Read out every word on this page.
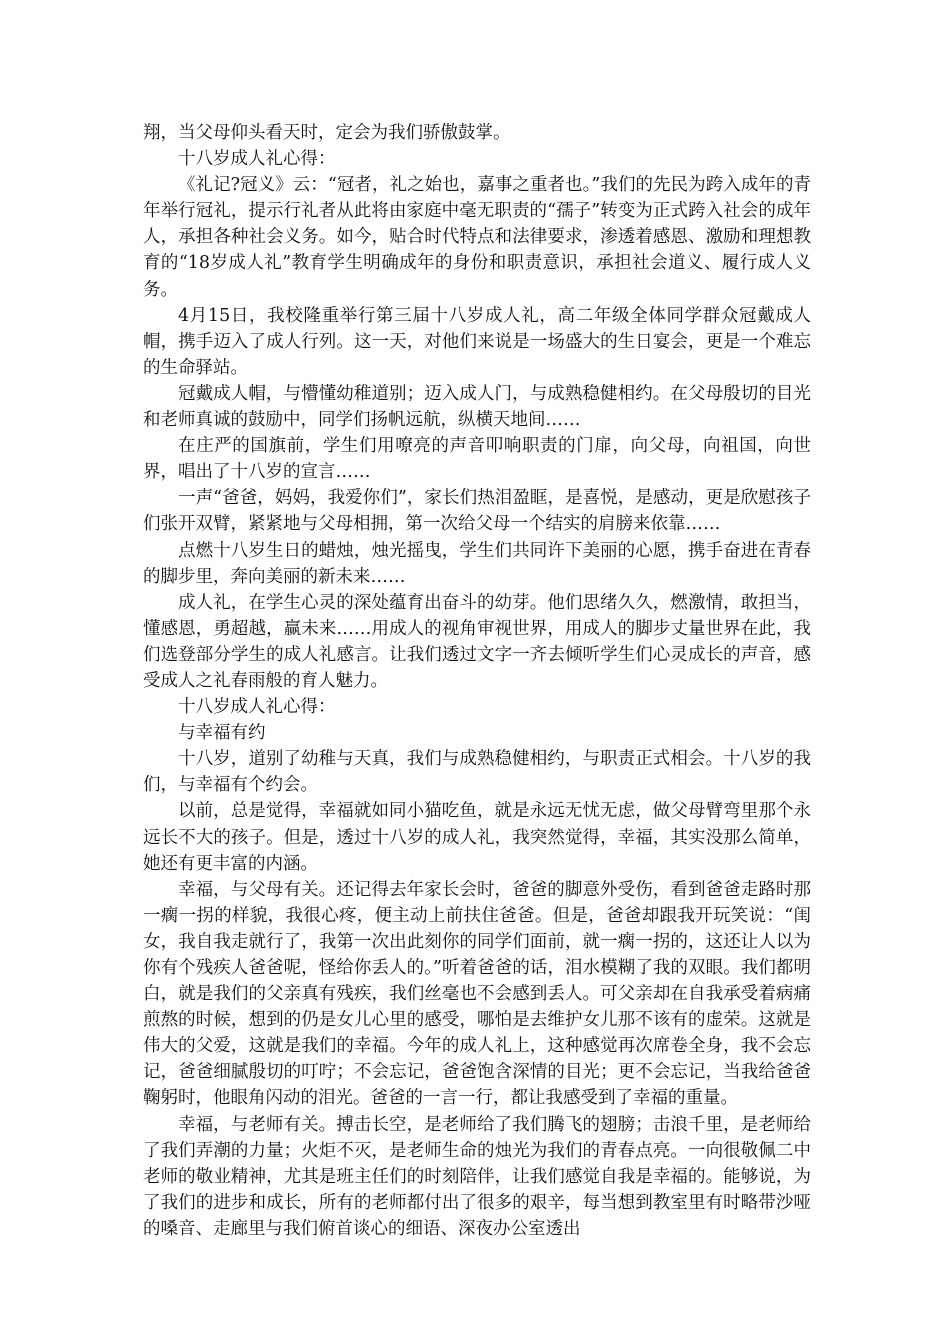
翔，当父母仰头看天时，定会为我们骄傲鼓掌。

十八岁成人礼心得：

《礼记?冠义》云：“冠者，礼之始也，嘉事之重者也。”我们的先民为跨入成年的青年举行冠礼，提示行礼者从此将由家庭中毫无职责的“孺子”转变为正式跨入社会的成年人，承担各种社会义务。如今，贴合时代特点和法律要求，渗透着感恩、激励和理想教育的“18岁成人礼”教育学生明确成年的身份和职责意识，承担社会道义、履行成人义务。

4月15日，我校隆重举行第三届十八岁成人礼，高二年级全体同学群众冠戴成人帽，携手迈入了成人行列。这一天，对他们来说是一场盛大的生日宴会，更是一个难忘的生命驿站。

冠戴成人帽，与懵懂幼稚道别；迈入成人门，与成熟稳健相约。在父母殷切的目光和老师真诚的鼓励中，同学们扬帆远航，纵横天地间……

在庄严的国旗前，学生们用嘹亮的声音叩响职责的门扉，向父母，向祖国，向世界，唱出了十八岁的宣言……

一声“爸爸，妈妈，我爱你们”，家长们热泪盈眶，是喜悦，是感动，更是欣慰孩子们张开双臂，紧紧地与父母相拥，第一次给父母一个结实的肩膀来依靠……

点燃十八岁生日的蜡烛，烛光摇曳，学生们共同许下美丽的心愿，携手奋进在青春的脚步里，奔向美丽的新未来……

成人礼，在学生心灵的深处蕴育出奋斗的幼芽。他们思绪久久，燃激情，敢担当，懂感恩，勇超越，赢未来……用成人的视角审视世界，用成人的脚步丈量世界在此，我们选登部分学生的成人礼感言。让我们透过文字一齐去倾听学生们心灵成长的声音，感受成人之礼春雨般的育人魅力。

十八岁成人礼心得：

与幸福有约

十八岁，道别了幼稚与天真，我们与成熟稳健相约，与职责正式相会。十八岁的我们，与幸福有个约会。

以前，总是觉得，幸福就如同小猫吃鱼，就是永远无忧无虑，做父母臂弯里那个永远长不大的孩子。但是，透过十八岁的成人礼，我突然觉得，幸福，其实没那么简单，她还有更丰富的内涵。

幸福，与父母有关。还记得去年家长会时，爸爸的脚意外受伤，看到爸爸走路时那一瘸一拐的样貌，我很心疼，便主动上前扶住爸爸。但是，爸爸却跟我开玩笑说：“闺女，我自我走就行了，我第一次出此刻你的同学们面前，就一瘸一拐的，这还让人以为你有个残疾人爸爸呢，怪给你丢人的。”听着爸爸的话，泪水模糊了我的双眼。我们都明白，就是我们的父亲真有残疾，我们丝毫也不会感到丢人。可父亲却在自我承受着病痛煎熬的时候，想到的仍是女儿心里的感受，哪怕是去维护女儿那不该有的虚荣。这就是伟大的父爱，这就是我们的幸福。今年的成人礼上，这种感觉再次席卷全身，我不会忘记，爸爸细腻殷切的叮咛；不会忘记，爸爸饱含深情的目光；更不会忘记，当我给爸爸鞠躬时，他眼角闪动的泪光。爸爸的一言一行，都让我感受到了幸福的重量。

幸福，与老师有关。搏击长空，是老师给了我们腾飞的翅膀；击浪千里，是老师给了我们弄潮的力量；火炬不灭，是老师生命的烛光为我们的青春点亮。一向很敬佩二中老师的敬业精神，尤其是班主任们的时刻陪伴，让我们感觉自我是幸福的。能够说，为了我们的进步和成长，所有的老师都付出了很多的艰辛，每当想到教室里有时略带沙哑的嗓音、走廊里与我们俯首谈心的细语、深夜办公室透出
